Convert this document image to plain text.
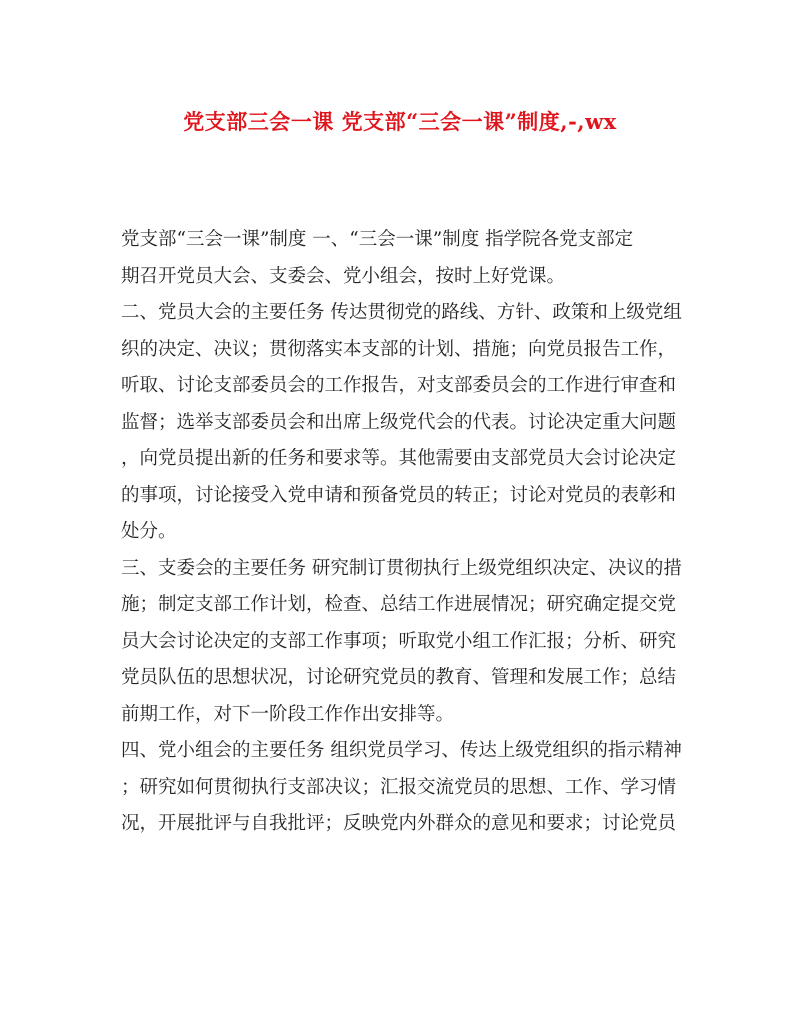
党支部三会一课 党支部“三会一课”制度,-,wx
党支部“三会一课”制度 一、“三会一课”制度 指学院各党支部定
期召开党员大会、支委会、党小组会，按时上好党课。
二、党员大会的主要任务 传达贯彻党的路线、方针、政策和上级党组
织的决定、决议；贯彻落实本支部的计划、措施；向党员报告工作，
听取、讨论支部委员会的工作报告，对支部委员会的工作进行审查和
监督；选举支部委员会和出席上级党代会的代表。讨论决定重大问题
，向党员提出新的任务和要求等。其他需要由支部党员大会讨论决定
的事项，讨论接受入党申请和预备党员的转正；讨论对党员的表彰和
处分。
三、支委会的主要任务 研究制订贯彻执行上级党组织决定、决议的措
施；制定支部工作计划，检查、总结工作进展情况；研究确定提交党
员大会讨论决定的支部工作事项；听取党小组工作汇报；分析、研究
党员队伍的思想状况，讨论研究党员的教育、管理和发展工作；总结
前期工作，对下一阶段工作作出安排等。
四、党小组会的主要任务 组织党员学习、传达上级党组织的指示精神
；研究如何贯彻执行支部决议；汇报交流党员的思想、工作、学习情
况，开展批评与自我批评；反映党内外群众的意见和要求；讨论党员
